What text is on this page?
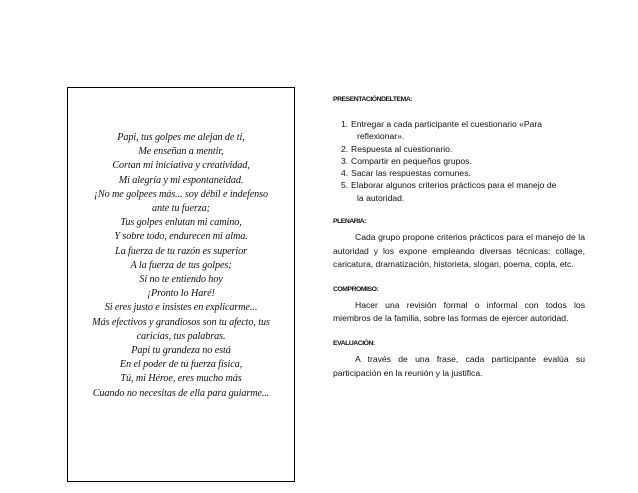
Papi, tus golpes me alejan de ti,
Me enseñan a mentir,
Cortan mi iniciativa y creatividad,
Mi alegría y mi espontaneidad.
¡No me golpees más... soy débil e indefenso
ante tu fuerza;
Tus golpes enlutan mi camino,
Y sobre todo, endurecen mi alma.
La fuerza de tu razón es superior
A la fuerza de tus golpes;
Si no te entiendo hoy
¡Pronto lo Haré!
Si eres justo e insistes en explicarme...
Más efectivos y grandiosos son tu afecto, tus
caricias, tus palabras.
Papi tu grandeza no está
En el poder de tu fuerza física,
Tú, mi Héroe, eres mucho más
Cuando no necesitas de ella para guiarme...

PRESENTACIÓNDELTEMA:

1. Entregar a cada participante el cuestionario «Para
reflexionar».
2. Respuesta al cuestionario.
3. Compartir en pequeños grupos.
4. Sacar las respuestas comunes.
5. Elaborar algunos criterios prácticos para el manejo de
la autoridad.

PLENARIA:

Cada grupo propone criterios prácticos para el manejo de la autoridad y los expone empleando diversas técnicas: collage, caricatura, dramatización, historieta, slogan, poema, copla, etc.

COMPROMISO:

Hacer una revisión formal o informal con todos los miembros de la familia, sobre las formas de ejercer autoridad.

EVALUACIÓN:

A través de una frase, cada participante evalúa su participación en la reunión y la justifica.
